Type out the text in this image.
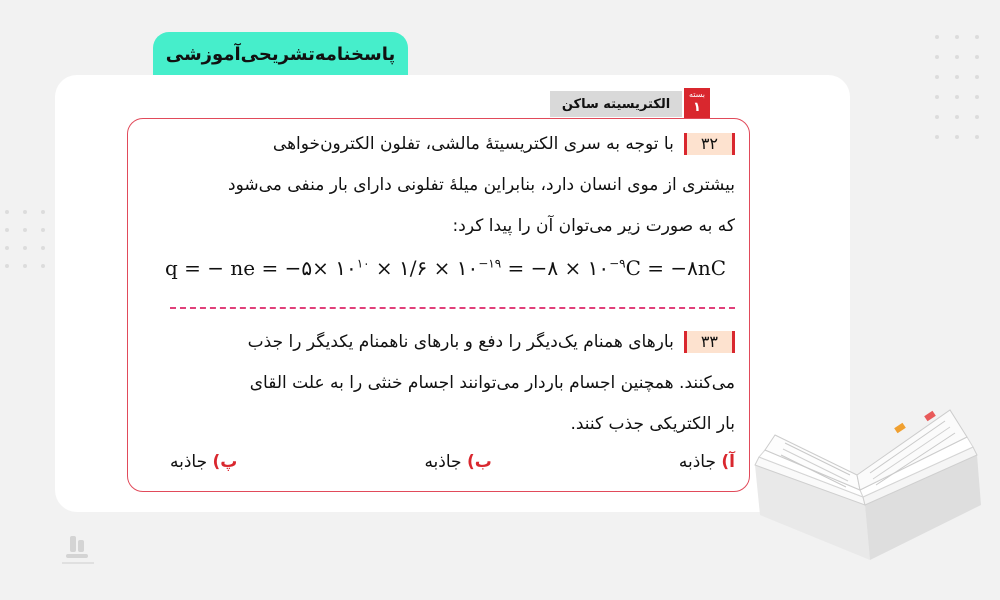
پاسخنامه‌تشریحی‌آموزشی
الکتریسیته ساکن
بسته
۱

۳۲با توجه به سری الکتریسیتهٔ مالشی، تفلون الکترون‌خواهی
بیشتری از موی انسان دارد، بنابراین میلهٔ تفلونی دارای بار منفی می‌شود
که به صورت زیر می‌توان آن را پیدا کرد:

q = − ne = −۵× $۱۰^{۱۰}$ × ۱/۶ × $۱۰^{-۱۹}$ = −۸ × $۱۰^{-۹}C$ = −۸nC

۳۳بارهای همنام یک‌دیگر را دفع و بارهای ناهمنام یکدیگر را جذب
می‌کنند. همچنین اجسام باردار می‌توانند اجسام خنثی را به علت القای
بار الکتریکی جذب کنند.

آ) جاذبه
ب) جاذبه
پ) جاذبه
